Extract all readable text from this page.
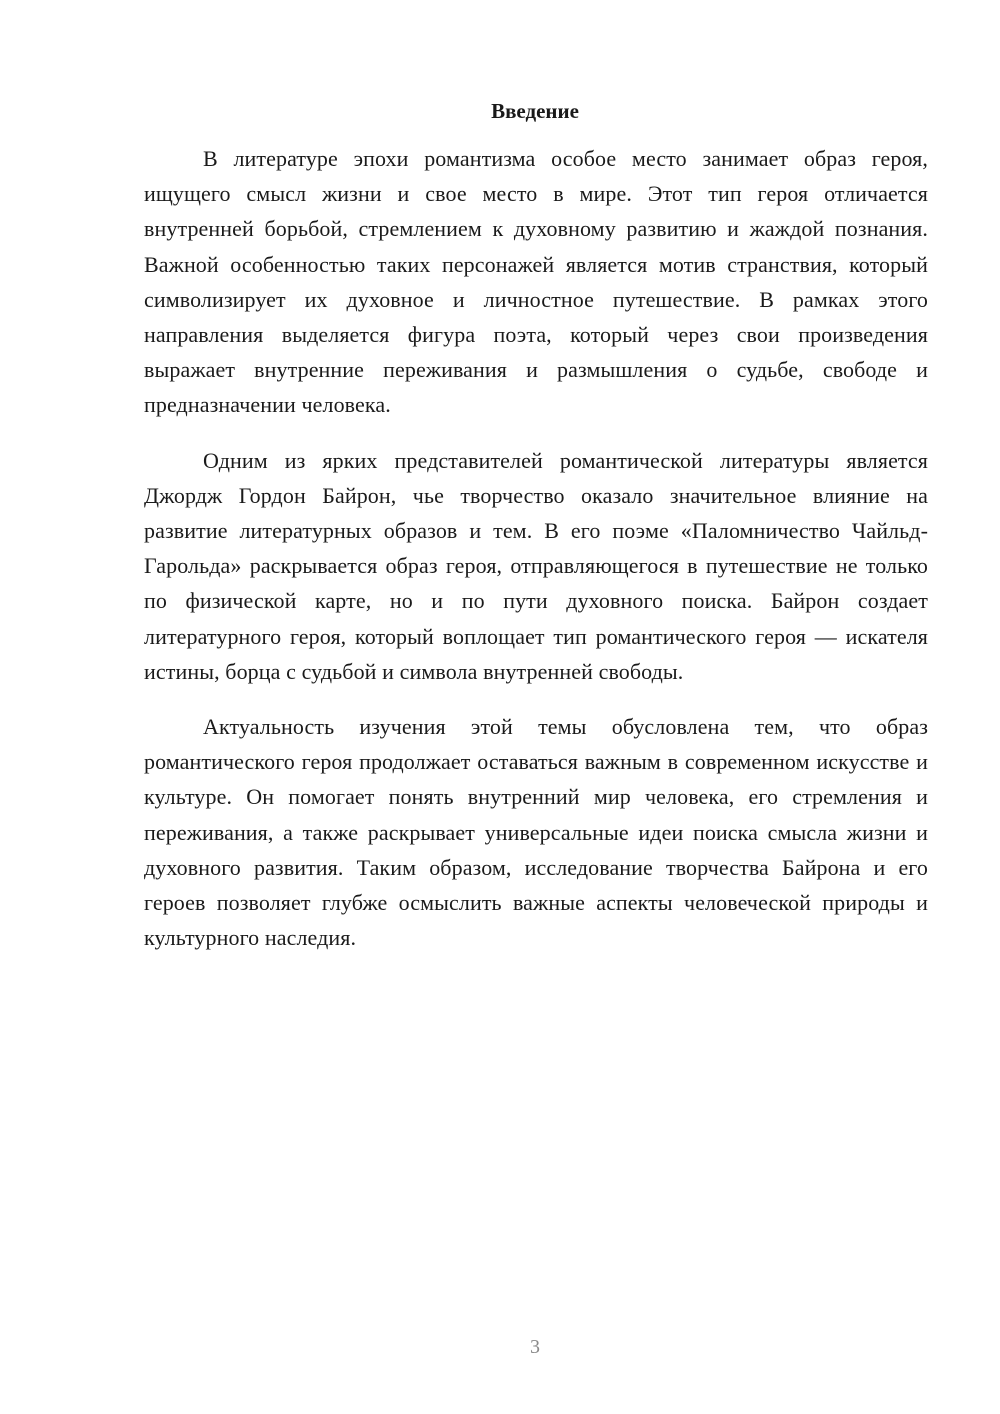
Введение

В литературе эпохи романтизма особое место занимает образ героя, ищущего смысл жизни и свое место в мире. Этот тип героя отличается внутренней борьбой, стремлением к духовному развитию и жаждой познания. Важной особенностью таких персонажей является мотив странствия, который символизирует их духовное и личностное путешествие. В рамках этого направления выделяется фигура поэта, который через свои произведения выражает внутренние переживания и размышления о судьбе, свободе и предназначении человека.

Одним из ярких представителей романтической литературы является Джордж Гордон Байрон, чье творчество оказало значительное влияние на развитие литературных образов и тем. В его поэме «Паломничество Чайльд-Гарольда» раскрывается образ героя, отправляющегося в путешествие не только по физической карте, но и по пути духовного поиска. Байрон создает литературного героя, который воплощает тип романтического героя — искателя истины, борца с судьбой и символа внутренней свободы.

Актуальность изучения этой темы обусловлена тем, что образ романтического героя продолжает оставаться важным в современном искусстве и культуре. Он помогает понять внутренний мир человека, его стремления и переживания, а также раскрывает универсальные идеи поиска смысла жизни и духовного развития. Таким образом, исследование творчества Байрона и его героев позволяет глубже осмыслить важные аспекты человеческой природы и культурного наследия.

3
